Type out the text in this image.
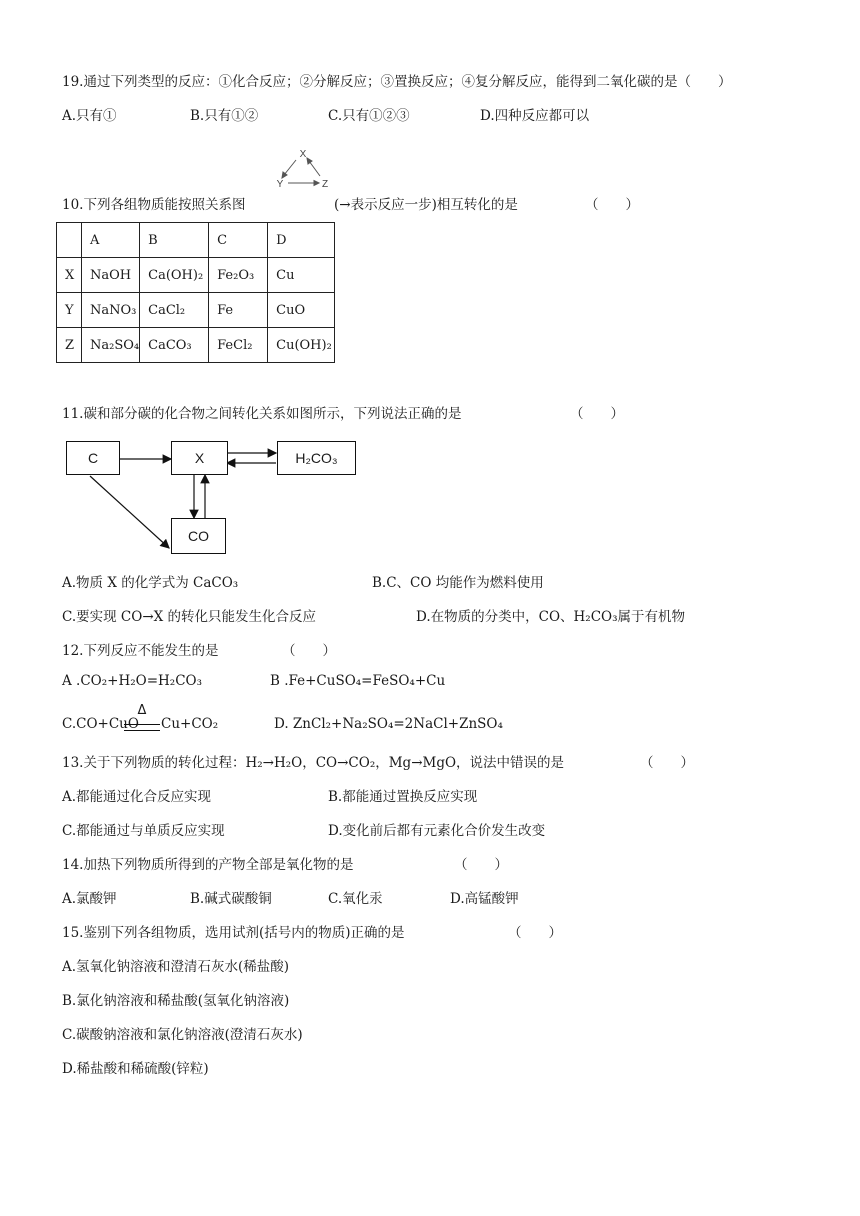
19.通过下列类型的反应：①化合反应；②分解反应；③置换反应；④复分解反应，能得到二氧化碳的是（　　）
A.只有①	B.只有①②	C.只有①②③	D.四种反应都可以
X
Y	Z
10.下列各组物质能按照关系图	(→表示反应一步)相互转化的是	（　　）
	A	B	C	D
X	NaOH	Ca(OH)₂	Fe₂O₃	Cu
Y	NaNO₃	CaCl₂	Fe	CuO
Z	Na₂SO₄	CaCO₃	FeCl₂	Cu(OH)₂
11.碳和部分碳的化合物之间转化关系如图所示，下列说法正确的是	（　　）
C	X	H₂CO₃
CO
A.物质 X 的化学式为 CaCO₃	B.C、CO 均能作为燃料使用
C.要实现 CO→X 的转化只能发生化合反应	D.在物质的分类中，CO、H₂CO₃属于有机物
12.下列反应不能发生的是	（　　）
A .CO₂+H₂O=H₂CO₃	B .Fe+CuSO₄=FeSO₄+Cu
C.CO+CuO
Δ
Cu+CO₂	D. ZnCl₂+Na₂SO₄=2NaCl+ZnSO₄
13.关于下列物质的转化过程：H₂→H₂O，CO→CO₂，Mg→MgO，说法中错误的是	（　　）
A.都能通过化合反应实现	B.都能通过置换反应实现
C.都能通过与单质反应实现	D.变化前后都有元素化合价发生改变
14.加热下列物质所得到的产物全部是氧化物的是	（　　）
A.氯酸钾	B.碱式碳酸铜	C.氧化汞	D.高锰酸钾
15.鉴别下列各组物质，选用试剂(括号内的物质)正确的是	（　　）
A.氢氧化钠溶液和澄清石灰水(稀盐酸)
B.氯化钠溶液和稀盐酸(氢氧化钠溶液)
C.碳酸钠溶液和氯化钠溶液(澄清石灰水)
D.稀盐酸和稀硫酸(锌粒)
